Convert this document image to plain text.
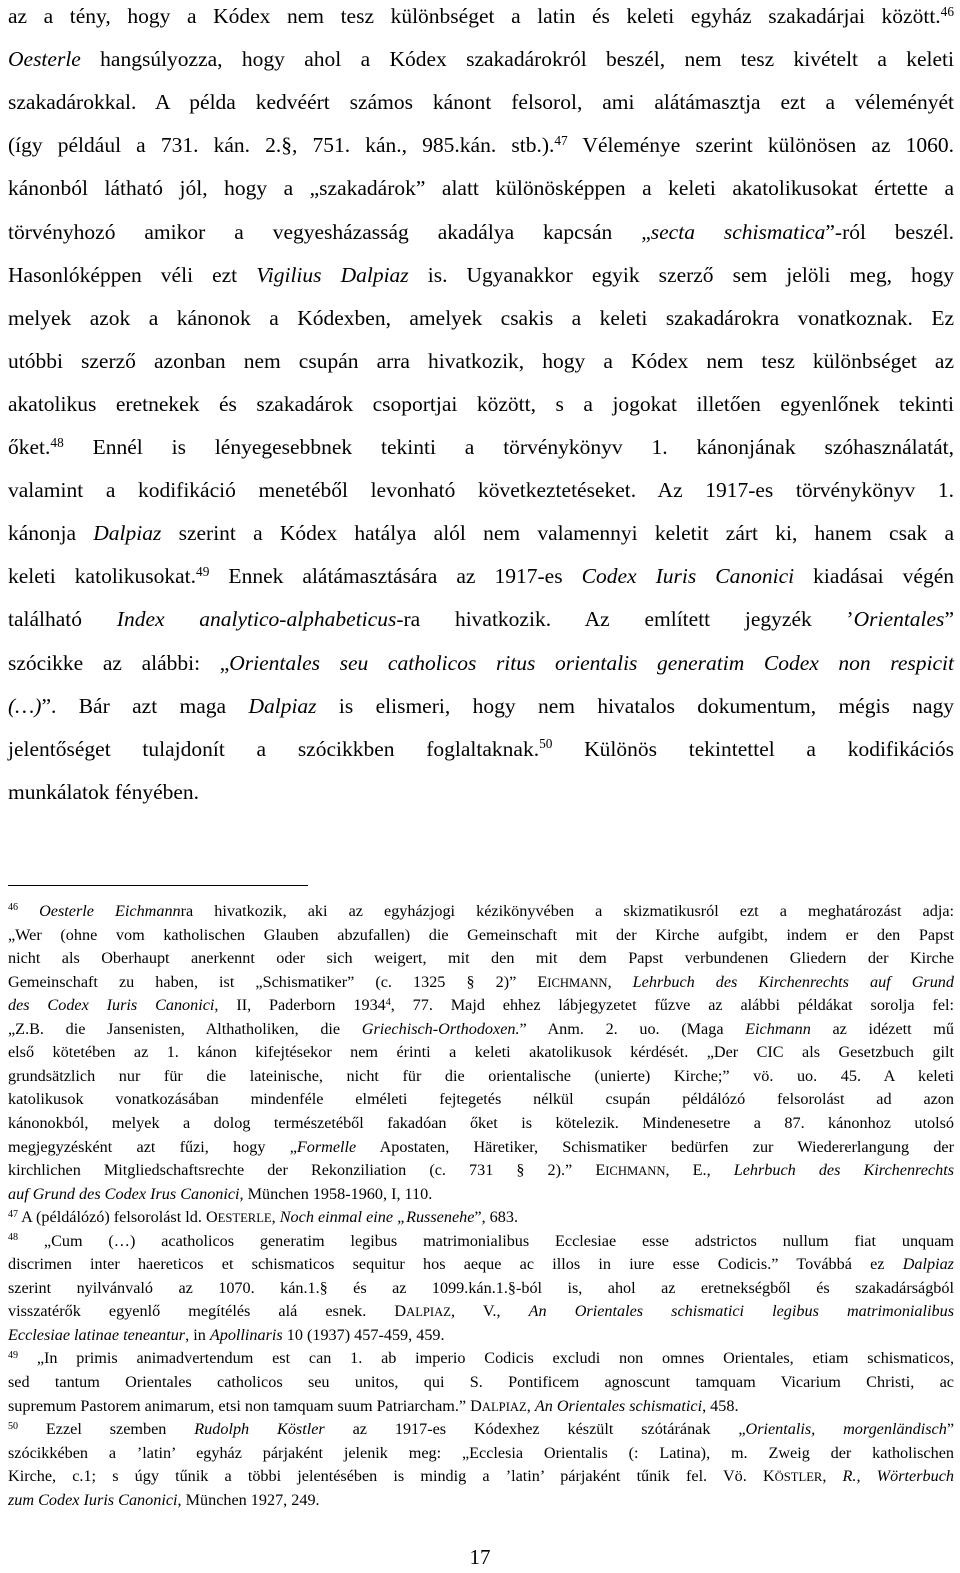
az a tény, hogy a Kódex nem tesz különbséget a latin és keleti egyház szakadárjai között.$^{46}$
Oesterle hangsúlyozza, hogy ahol a Kódex szakadárokról beszél, nem tesz kivételt a keleti
szakadárokkal. A példa kedvéért számos kánont felsorol, ami alátámasztja ezt a véleményét
(így például a 731. kán. 2.§, 751. kán., 985.kán. stb.).$^{47}$ Véleménye szerint különösen az 1060.
kánonból látható jól, hogy a „szakadárok” alatt különösképpen a keleti akatolikusokat értette a
törvényhozó amikor a vegyesházasság akadálya kapcsán „secta schismatica”-ról beszél.
Hasonlóképpen véli ezt Vigilius Dalpiaz is. Ugyanakkor egyik szerző sem jelöli meg, hogy
melyek azok a kánonok a Kódexben, amelyek csakis a keleti szakadárokra vonatkoznak. Ez
utóbbi szerző azonban nem csupán arra hivatkozik, hogy a Kódex nem tesz különbséget az
akatolikus eretnekek és szakadárok csoportjai között, s a jogokat illetően egyenlőnek tekinti
őket.$^{48}$ Ennél is lényegesebbnek tekinti a törvénykönyv 1. kánonjának szóhasználatát,
valamint a kodifikáció menetéből levonható következtetéseket. Az 1917-es törvénykönyv 1.
kánonja Dalpiaz szerint a Kódex hatálya alól nem valamennyi keletit zárt ki, hanem csak a
keleti katolikusokat.$^{49}$ Ennek alátámasztására az 1917-es Codex Iuris Canonici kiadásai végén
található Index analytico-alphabeticus-ra hivatkozik. Az említett jegyzék ’Orientales”
szócikke az alábbi: „Orientales seu catholicos ritus orientalis generatim Codex non respicit
(…)”. Bár azt maga Dalpiaz is elismeri, hogy nem hivatalos dokumentum, mégis nagy
jelentőséget tulajdonít a szócikkben foglaltaknak.$^{50}$ Különös tekintettel a kodifikációs
munkálatok fényében.
$^{46}$ Oesterle Eichmannra hivatkozik, aki az egyházjogi kézikönyvében a skizmatikusról ezt a meghatározást adja:
„Wer (ohne vom katholischen Glauben abzufallen) die Gemeinschaft mit der Kirche aufgibt, indem er den Papst
nicht als Oberhaupt anerkennt oder sich weigert, mit den mit dem Papst verbundenen Gliedern der Kirche
Gemeinschaft zu haben, ist „Schismatiker” (c. 1325 § 2)” EICHMANN, Lehrbuch des Kirchenrechts auf Grund
des Codex Iuris Canonici, II, Paderborn 1934$^4$, 77. Majd ehhez lábjegyzetet fűzve az alábbi példákat sorolja fel:
„Z.B. die Jansenisten, Althatholiken, die Griechisch-Orthodoxen.” Anm. 2. uo. (Maga Eichmann az idézett mű
első kötetében az 1. kánon kifejtésekor nem érinti a keleti akatolikusok kérdését. „Der CIC als Gesetzbuch gilt
grundsätzlich nur für die lateinische, nicht für die orientalische (unierte) Kirche;” vö. uo. 45. A keleti
katolikusok vonatkozásában mindenféle elméleti fejtegetés nélkül csupán példálózó felsorolást ad azon
kánonokból, melyek a dolog természetéből fakadóan őket is kötelezik. Mindenesetre a 87. kánonhoz utolsó
megjegyzésként azt fűzi, hogy „Formelle Apostaten, Häretiker, Schismatiker bedürfen zur Wiedererlangung der
kirchlichen Mitgliedschaftsrechte der Rekonziliation (c. 731 § 2).” EICHMANN, E., Lehrbuch des Kirchenrechts
auf Grund des Codex Irus Canonici, München 1958-1960, I, 110.
$^{47}$ A (példálózó) felsorolást ld. OESTERLE, Noch einmal eine „Russenehe”, 683.
$^{48}$ „Cum (…) acatholicos generatim legibus matrimonialibus Ecclesiae esse adstrictos nullum fiat unquam
discrimen inter haereticos et schismaticos sequitur hos aeque ac illos in iure esse Codicis.” Továbbá ez Dalpiaz
szerint nyilvánvaló az 1070. kán.1.§ és az 1099.kán.1.§-ból is, ahol az eretnekségből és szakadárságból
visszatérők egyenlő megítélés alá esnek. DALPIAZ, V., An Orientales schismatici legibus matrimonialibus
Ecclesiae latinae teneantur, in Apollinaris 10 (1937) 457-459, 459.
$^{49}$ „In primis animadvertendum est can 1. ab imperio Codicis excludi non omnes Orientales, etiam schismaticos,
sed tantum Orientales catholicos seu unitos, qui S. Pontificem agnoscunt tamquam Vicarium Christi, ac
supremum Pastorem animarum, etsi non tamquam suum Patriarcham.” DALPIAZ, An Orientales schismatici, 458.
$^{50}$ Ezzel szemben Rudolph Köstler az 1917-es Kódexhez készült szótárának „Orientalis, morgenländisch”
szócikkében a ’latin’ egyház párjaként jelenik meg: „Ecclesia Orientalis (: Latina), m. Zweig der katholischen
Kirche, c.1; s úgy tűnik a többi jelentésében is mindig a ’latin’ párjaként tűnik fel. Vö. KÖSTLER, R., Wörterbuch
zum Codex Iuris Canonici, München 1927, 249.
17
